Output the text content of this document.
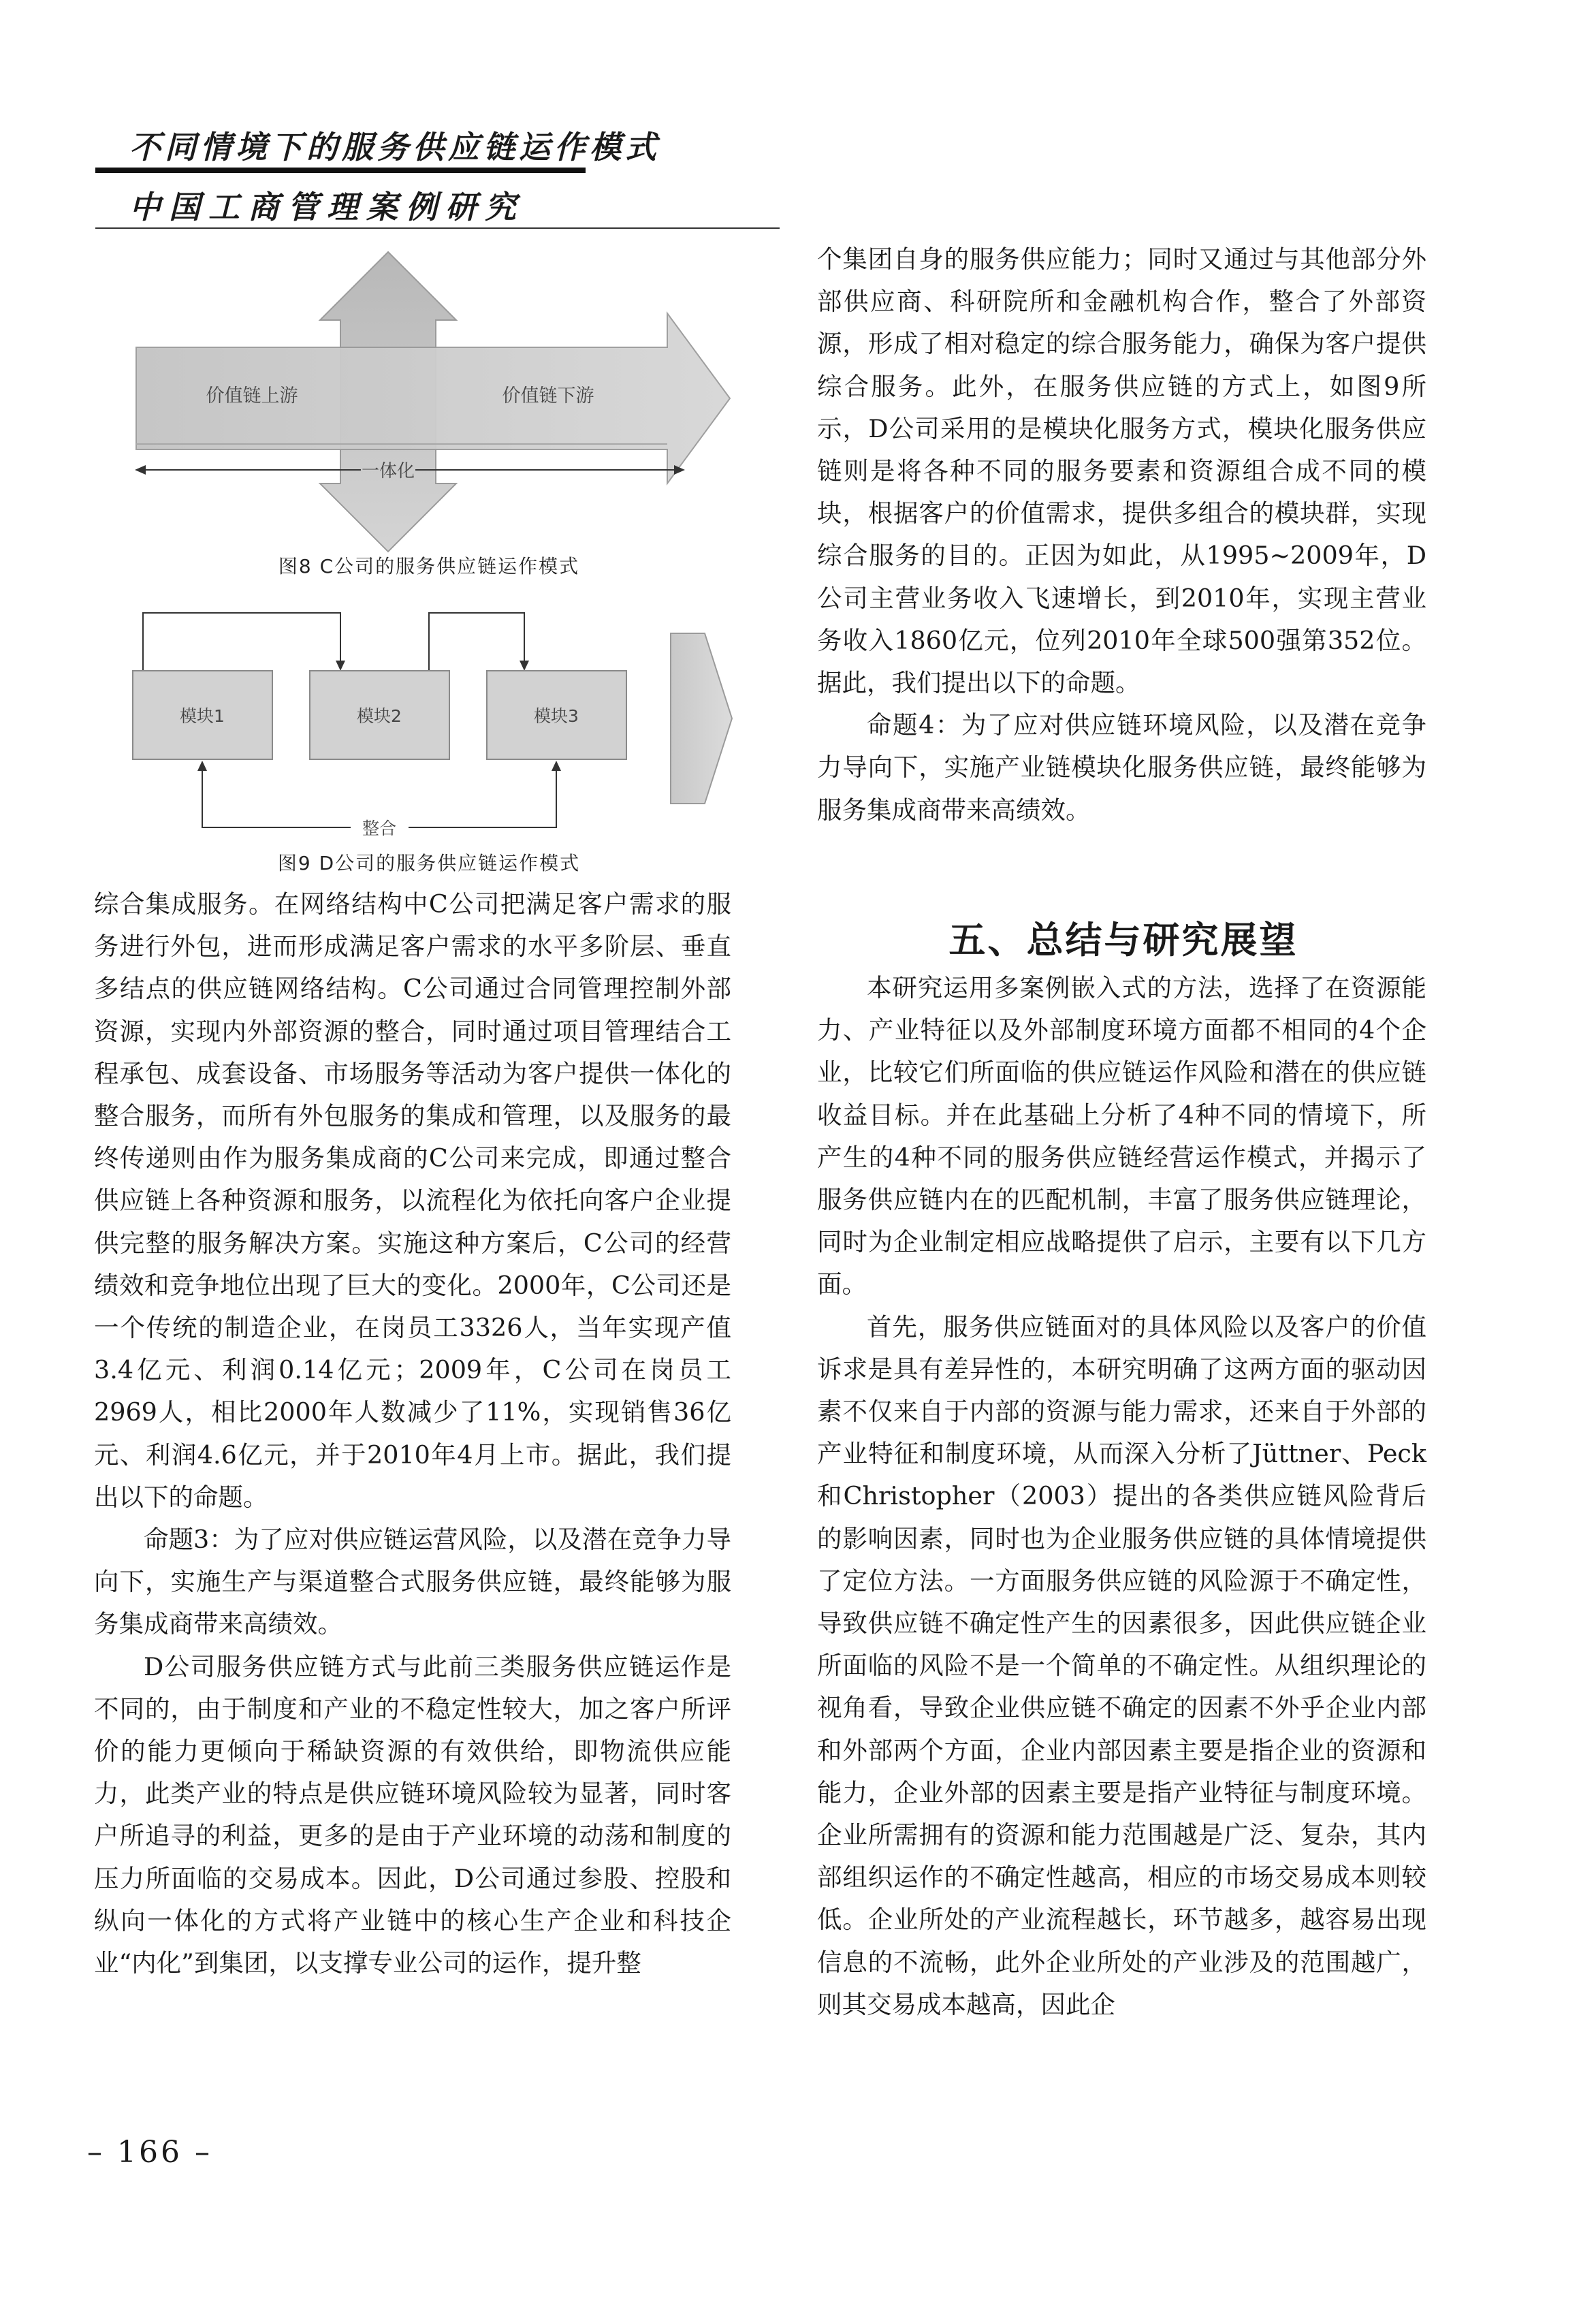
不同情境下的服务供应链运作模式
中国工商管理案例研究
价值链上游	价值链下游
一体化
图8 C公司的服务供应链运作模式
模块1	模块2	模块3
整合
图9 D公司的服务供应链运作模式

综合集成服务。在网络结构中C公司把满足客户需求的服务进行外包，进而形成满足客户需求的水平多阶层、垂直多结点的供应链网络结构。C公司通过合同管理控制外部资源，实现内外部资源的整合，同时通过项目管理结合工程承包、成套设备、市场服务等活动为客户提供一体化的整合服务，而所有外包服务的集成和管理，以及服务的最终传递则由作为服务集成商的C公司来完成，即通过整合供应链上各种资源和服务，以流程化为依托向客户企业提供完整的服务解决方案。实施这种方案后，C公司的经营绩效和竞争地位出现了巨大的变化。2000年，C公司还是一个传统的制造企业，在岗员工3326人，当年实现产值3.4亿元、利润0.14亿元；2009年，C公司在岗员工2969人，相比2000年人数减少了11%，实现销售36亿元、利润4.6亿元，并于2010年4月上市。据此，我们提出以下的命题。

命题3：为了应对供应链运营风险，以及潜在竞争力导向下，实施生产与渠道整合式服务供应链，最终能够为服务集成商带来高绩效。

D公司服务供应链方式与此前三类服务供应链运作是不同的，由于制度和产业的不稳定性较大，加之客户所评价的能力更倾向于稀缺资源的有效供给，即物流供应能力，此类产业的特点是供应链环境风险较为显著，同时客户所追寻的利益，更多的是由于产业环境的动荡和制度的压力所面临的交易成本。因此，D公司通过参股、控股和纵向一体化的方式将产业链中的核心生产企业和科技企业“内化”到集团，以支撑专业公司的运作，提升整

个集团自身的服务供应能力；同时又通过与其他部分外部供应商、科研院所和金融机构合作，整合了外部资源，形成了相对稳定的综合服务能力，确保为客户提供综合服务。此外，在服务供应链的方式上，如图9所示，D公司采用的是模块化服务方式，模块化服务供应链则是将各种不同的服务要素和资源组合成不同的模块，根据客户的价值需求，提供多组合的模块群，实现综合服务的目的。正因为如此，从1995~2009年，D公司主营业务收入飞速增长，到2010年，实现主营业务收入1860亿元，位列2010年全球500强第352位。据此，我们提出以下的命题。

命题4：为了应对供应链环境风险，以及潜在竞争力导向下，实施产业链模块化服务供应链，最终能够为服务集成商带来高绩效。

五、总结与研究展望

本研究运用多案例嵌入式的方法，选择了在资源能力、产业特征以及外部制度环境方面都不相同的4个企业，比较它们所面临的供应链运作风险和潜在的供应链收益目标。并在此基础上分析了4种不同的情境下，所产生的4种不同的服务供应链经营运作模式，并揭示了服务供应链内在的匹配机制，丰富了服务供应链理论，同时为企业制定相应战略提供了启示，主要有以下几方面。

首先，服务供应链面对的具体风险以及客户的价值诉求是具有差异性的，本研究明确了这两方面的驱动因素不仅来自于内部的资源与能力需求，还来自于外部的产业特征和制度环境，从而深入分析了Jüttner、Peck和Christopher（2003）提出的各类供应链风险背后的影响因素，同时也为企业服务供应链的具体情境提供了定位方法。一方面服务供应链的风险源于不确定性，导致供应链不确定性产生的因素很多，因此供应链企业所面临的风险不是一个简单的不确定性。从组织理论的视角看，导致企业供应链不确定的因素不外乎企业内部和外部两个方面，企业内部因素主要是指企业的资源和能力，企业外部的因素主要是指产业特征与制度环境。企业所需拥有的资源和能力范围越是广泛、复杂，其内部组织运作的不确定性越高，相应的市场交易成本则较低。企业所处的产业流程越长，环节越多，越容易出现信息的不流畅，此外企业所处的产业涉及的范围越广，则其交易成本越高，因此企

– 166 –
